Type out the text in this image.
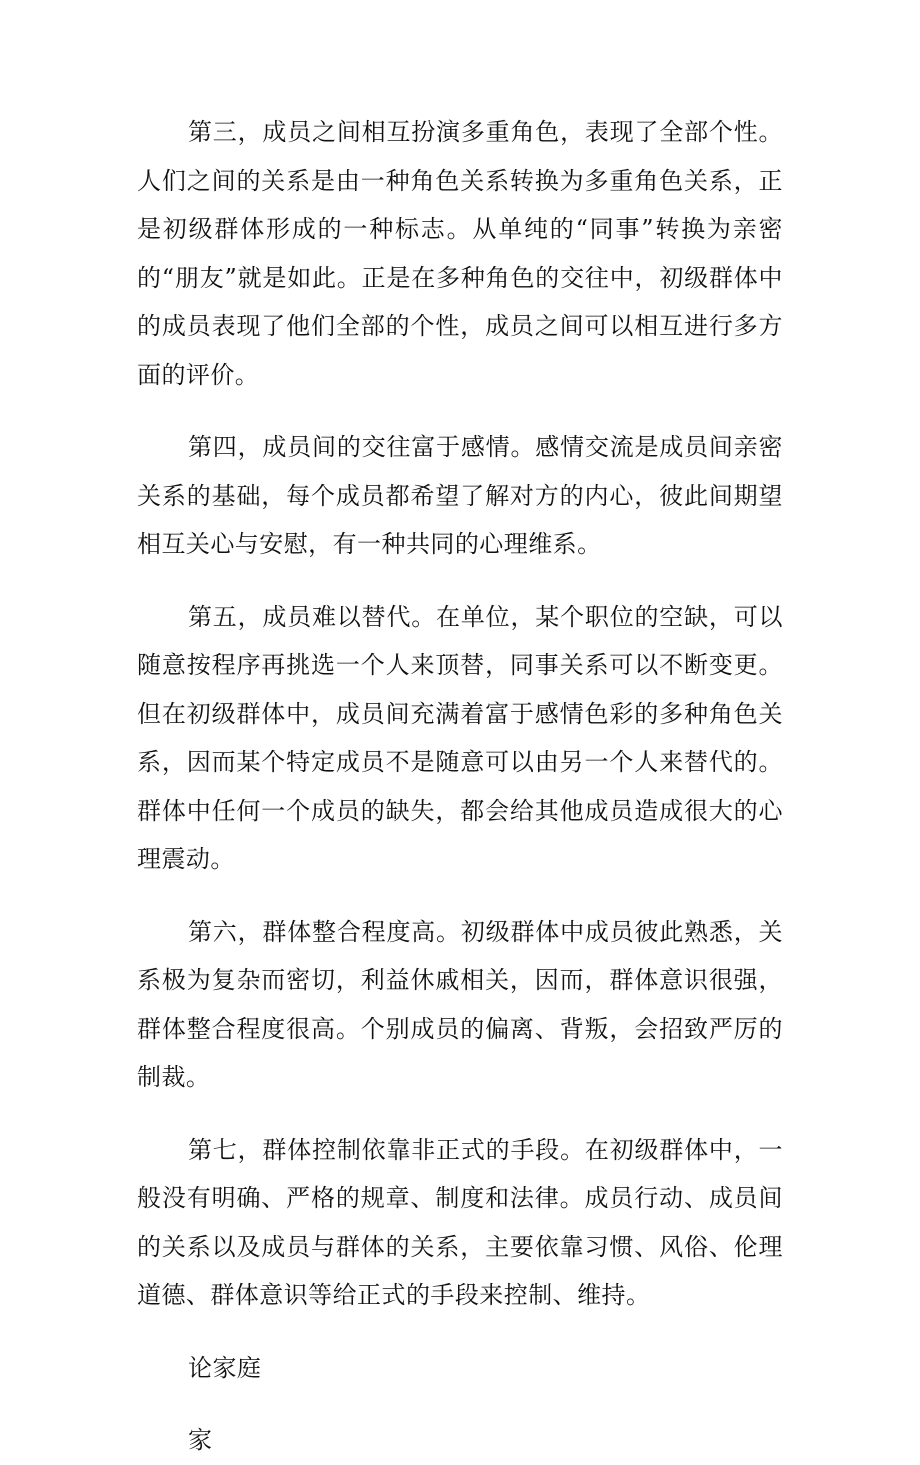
第三，成员之间相互扮演多重角色，表现了全部个性。人们之间的关系是由一种角色关系转换为多重角色关系，正是初级群体形成的一种标志。从单纯的“同事”转换为亲密的“朋友”就是如此。正是在多种角色的交往中，初级群体中的成员表现了他们全部的个性，成员之间可以相互进行多方面的评价。

第四，成员间的交往富于感情。感情交流是成员间亲密关系的基础，每个成员都希望了解对方的内心，彼此间期望相互关心与安慰，有一种共同的心理维系。

第五，成员难以替代。在单位，某个职位的空缺，可以随意按程序再挑选一个人来顶替，同事关系可以不断变更。但在初级群体中，成员间充满着富于感情色彩的多种角色关系，因而某个特定成员不是随意可以由另一个人来替代的。群体中任何一个成员的缺失，都会给其他成员造成很大的心理震动。

第六，群体整合程度高。初级群体中成员彼此熟悉，关系极为复杂而密切，利益休戚相关，因而，群体意识很强，群体整合程度很高。个别成员的偏离、背叛，会招致严厉的制裁。

第七，群体控制依靠非正式的手段。在初级群体中，一般没有明确、严格的规章、制度和法律。成员行动、成员间的关系以及成员与群体的关系，主要依靠习惯、风俗、伦理道德、群体意识等给正式的手段来控制、维持。

论家庭

家
